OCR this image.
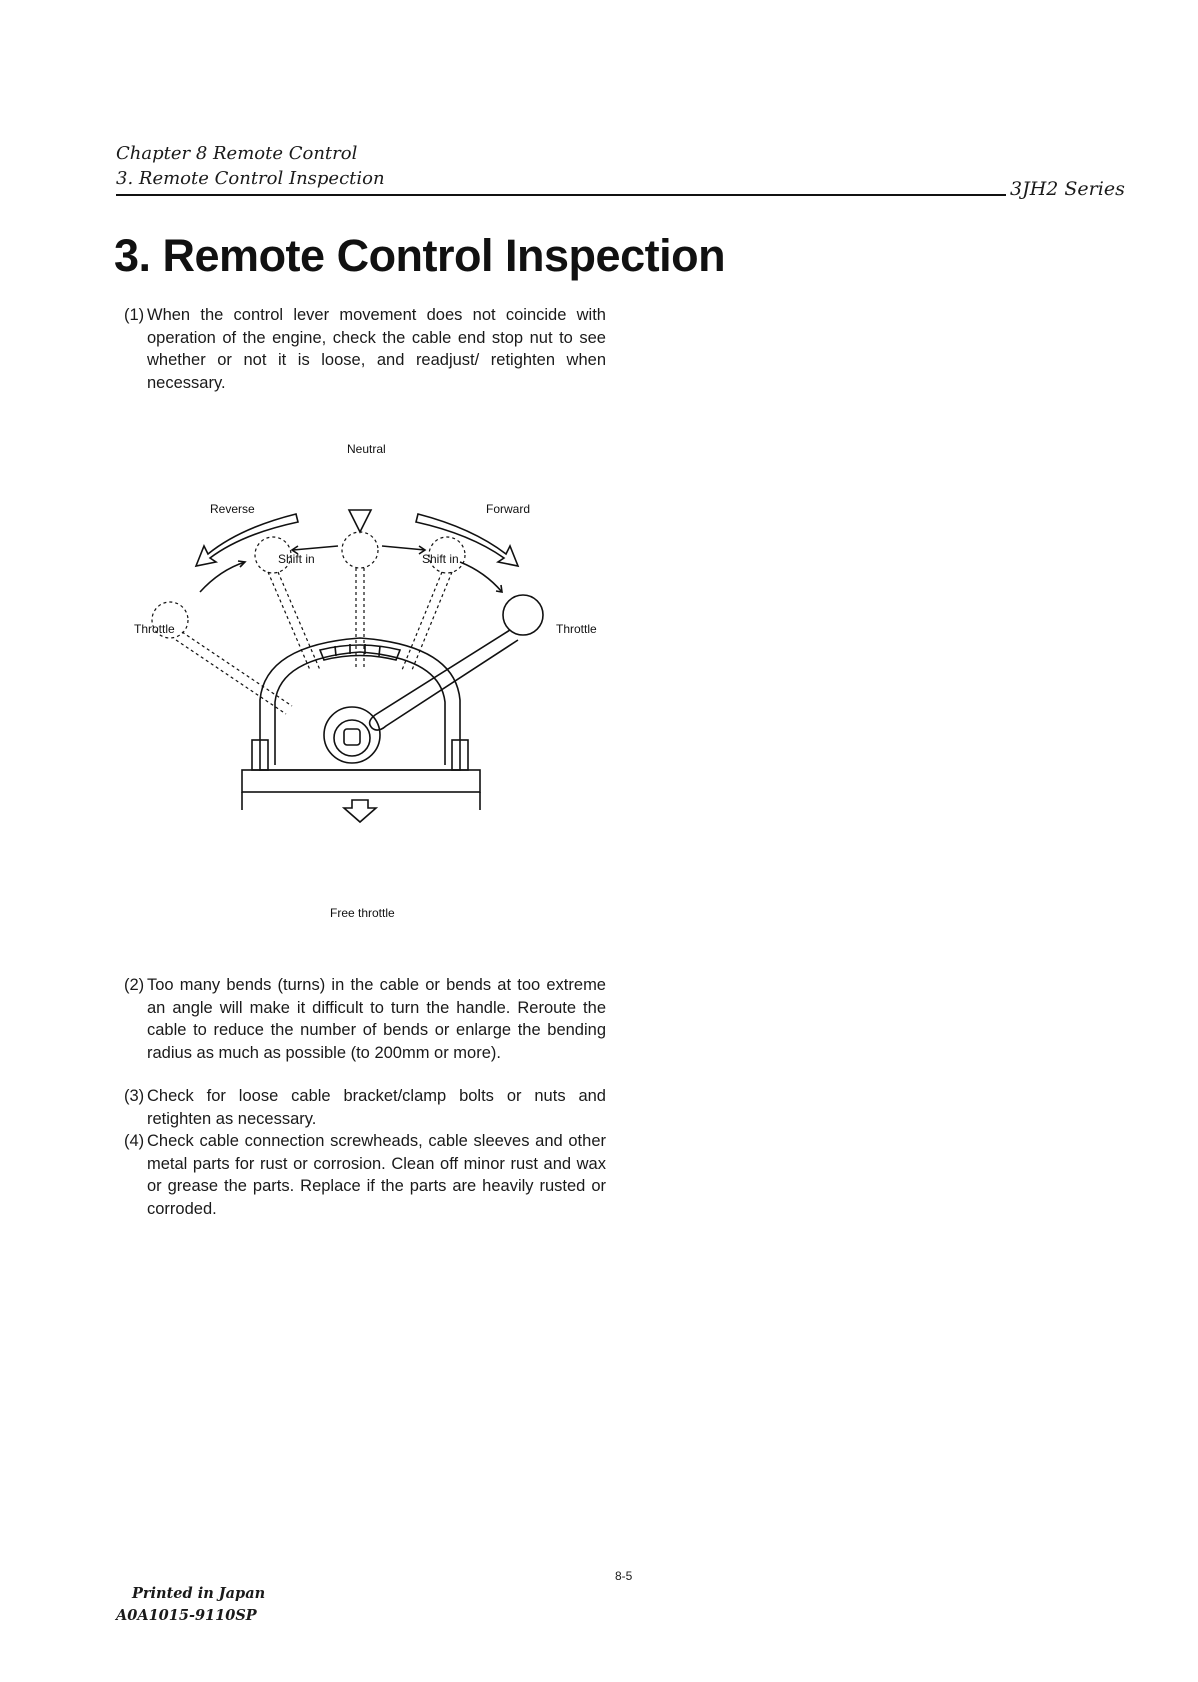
Chapter 8 Remote Control
3. Remote Control Inspection	3JH2 Series
3. Remote Control Inspection
(1) When the control lever movement does not coincide with operation of the engine, check the cable end stop nut to see whether or not it is loose, and readjust/ retighten when necessary.
Neutral
Reverse	Forward
Shift in	Shift in
Throttle	Throttle
Free throttle
(2) Too many bends (turns) in the cable or bends at too extreme an angle will make it difficult to turn the handle. Reroute the cable to reduce the number of bends or enlarge the bending radius as much as possible (to 200mm or more).
(3) Check for loose cable bracket/clamp bolts or nuts and retighten as necessary.
(4) Check cable connection screwheads, cable sleeves and other metal parts for rust or corrosion. Clean off minor rust and wax or grease the parts. Replace if the parts are heavily rusted or corroded.
8-5
Printed in Japan
A0A1015-9110SP
